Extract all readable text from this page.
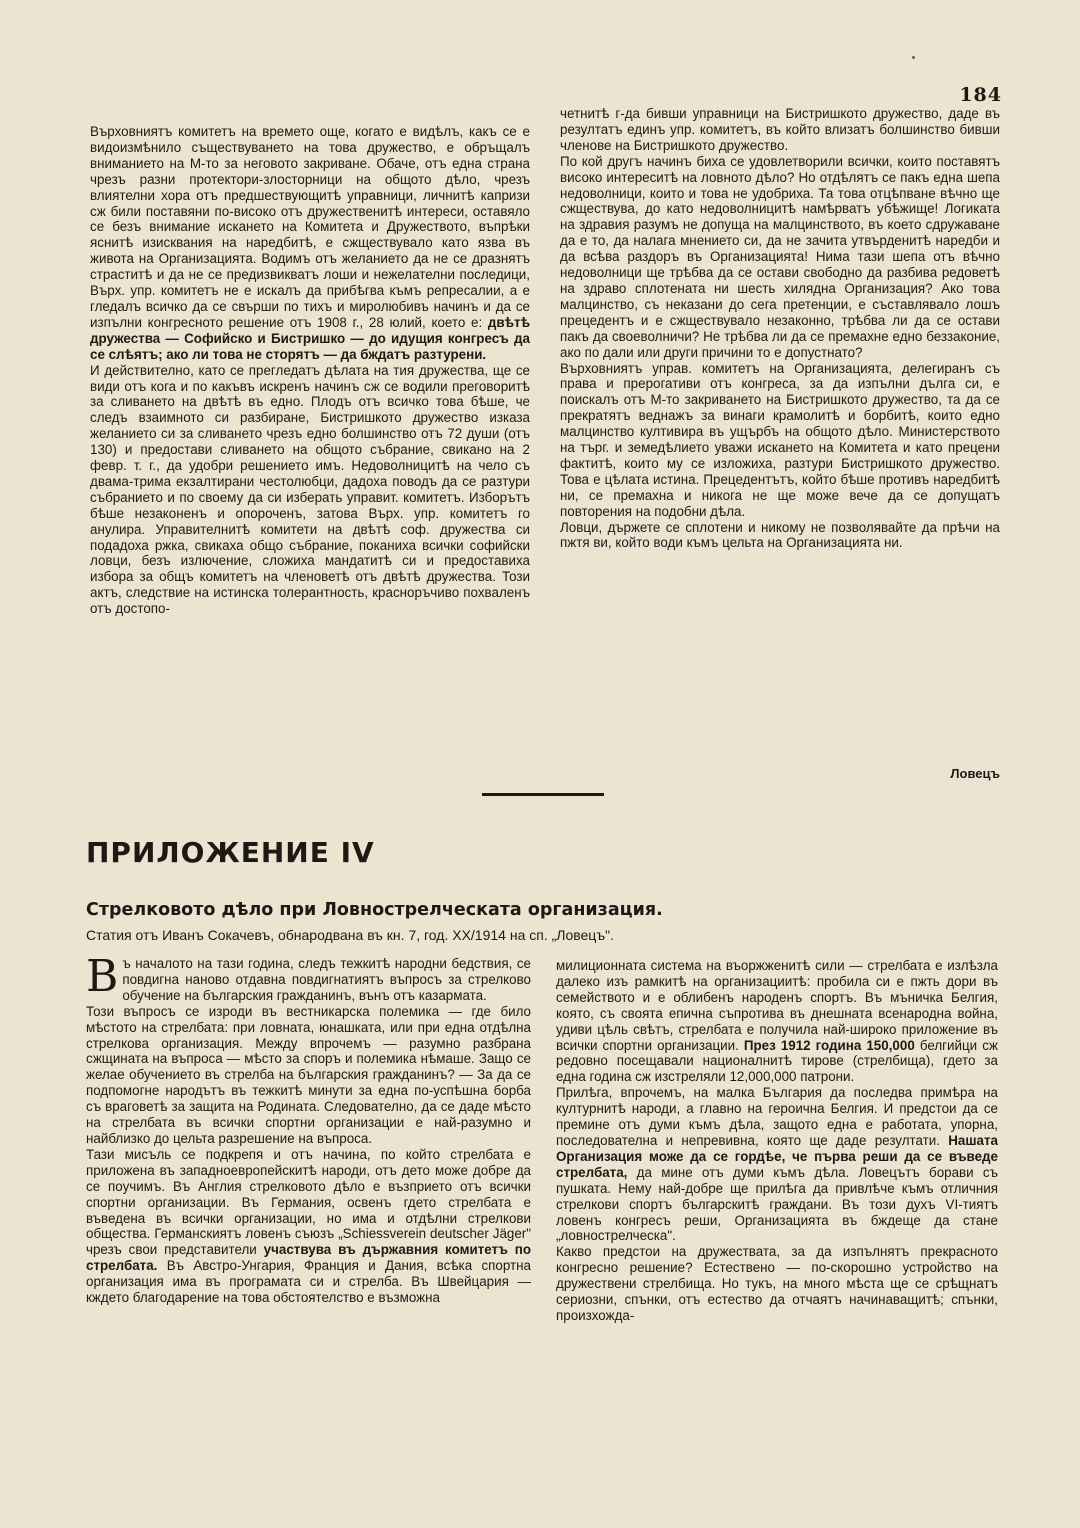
184

Върховниятъ комитетъ на времето още, когато е видѣлъ, какъ се е видоизмѣнило съществуването на това дружество, е обръщалъ вниманието на М-то за неговото закриване. Обаче, отъ една страна чрезъ разни протектори-злосторници на общото дѣло, чрезъ влиятелни хора отъ предшествующитѣ управници, личнитѣ капризи сж били поставяни по-високо отъ дружественитѣ интереси, оставяло се безъ внимание искането на Комитета и Дружеството, въпрѣки яснитѣ изисквания на наредбитѣ, е сжществувало като язва въ живота на Организацията. Водимъ отъ желанието да не се дразнятъ страститѣ и да не се предизвикватъ лоши и нежелателни последици, Върх. упр. комитетъ не е искалъ да прибѣгва къмъ репресалии, а е гледалъ всичко да се свърши по тихъ и миролюбивъ начинъ и да се изпълни конгресното решение отъ 1908 г., 28 юлий, което е: двѣтѣ дружества — Софийско и Бистришко — до идущия конгресъ да се слѣятъ; ако ли това не сторятъ — да бждатъ разтурени.

И действително, като се прегледатъ дѣлата на тия дружества, ще се види отъ кога и по какъвъ искренъ начинъ сж се водили преговоритѣ за сливането на двѣтѣ въ едно. Плодъ отъ всичко това бѣше, че следъ взаимното си разбиране, Бистришкото дружество изказа желанието си за сливането чрезъ едно болшинство отъ 72 души (отъ 130) и предостави сливането на общото събрание, свикано на 2 февр. т. г., да удобри решението имъ. Недоволницитѣ на чело съ двама-трима екзалтирани честолюбци, дадоха поводъ да се разтури събранието и по своему да си изберать управит. комитетъ. Изборътъ бѣше незаконенъ и опороченъ, затова Върх. упр. комитетъ го анулира. Управителнитѣ комитети на двѣтѣ соф. дружества си подадоха ржка, свикаха общо събрание, поканиха всички софийски ловци, безъ излючение, сложиха мандатитѣ си и предоставиха избора за общъ комитетъ на членоветѣ отъ двѣтѣ дружества. Този актъ, следствие на истинска толерантность, красноръчиво похваленъ отъ достопо-

четнитѣ г-да бивши управници на Бистришкото дружество, даде въ резултатъ единъ упр. комитетъ, въ който влизатъ болшинство бивши членове на Бистришкото дружество.

По кой другъ начинъ биха се удовлетворили всички, които поставятъ високо интереситѣ на ловното дѣло? Но отдѣлятъ се пакъ една шепа недоволници, които и това не удобриха. Та това отцѣпване вѣчно ще сжществува, до като недоволницитѣ намѣрватъ убѣжище! Логиката на здравия разумъ не допуща на малцинството, въ което сдружаване да е то, да налага мнението си, да не зачита утвърденитѣ наредби и да всѣва раздоръ въ Организацията! Нима тази шепа отъ вѣчно недоволници ще трѣбва да се остави свободно да разбива редоветѣ на здраво сплотената ни шесть хилядна Организация? Ако това малцинство, съ неказани до сега претенции, е съставлявало лошъ прецедентъ и е сжществувало незаконно, трѣбва ли да се остави пакъ да своеволничи? Не трѣбва ли да се премахне едно беззаконие, ако по дали или други причини то е допустнато?

Върховниятъ управ. комитетъ на Организацията, делегиранъ съ права и прерогативи отъ конгреса, за да изпълни дълга си, е поискалъ отъ М-то закриването на Бистришкото дружество, та да се прекратятъ веднажъ за винаги крамолитѣ и борбитѣ, които едно малцинство култивира въ ущърбъ на общото дѣло. Министерството на търг. и земедѣлието уважи искането на Комитета и като прецени фактитѣ, които му се изложиха, разтури Бистришкото дружество. Това е цѣлата истина. Прецедентътъ, който бѣше противъ наредбитѣ ни, се премахна и никога не ще може вече да се допущатъ повторения на подобни дѣла.

Ловци, държете се сплотени и никому не позволявайте да прѣчи на пжтя ви, който води къмъ цельта на Организацията ни.

Ловецъ
ПРИЛОЖЕНИЕ IV
Стрелковото дѣло при Ловнострелческата организация.
Статия отъ Иванъ Сокачевъ, обнародвана въ кн. 7, год. XX/1914 на сп. „Ловецъ".

Въ началото на тази година, следъ тежкитѣ народни бедствия, се повдигна наново отдавна повдигнатиятъ въпросъ за стрелково обучение на българския гражданинъ, вънъ отъ казармата.

Този въпросъ се изроди въ вестникарска полемика — где било мѣстото на стрелбата: при ловната, юнашката, или при една отдѣлна стрелкова организация. Между впрочемъ — разумно разбрана сжщината на въпроса — мѣсто за споръ и полемика нѣмаше. Защо се желае обучението въ стрелба на българския гражданинъ? — За да се подпомогне народътъ въ тежкитѣ минути за една по-успѣшна борба съ враговетѣ за защита на Родината. Следователно, да се даде мѣсто на стрелбата въ всички спортни организации е най-разумно и найблизко до цельта разрешение на въпроса.

Тази мисъль се подкрепя и отъ начина, по който стрелбата е приложена въ западноевропейскитѣ народи, отъ дето може добре да се поучимъ. Въ Англия стрелковото дѣло е възприето отъ всички спортни организации. Въ Германия, освенъ гдето стрелбата е въведена въ всички организации, но има и отдѣлни стрелкови общества. Германскиятъ ловенъ съюзъ „Schiessverein deutscher Jäger" чрезъ свои представители участвува въ държавния комитетъ по стрелбата. Въ Австро-Унгария, Франция и Дания, всѣка спортна организация има въ програмата си и стрелба. Въ Швейцария — кждето благодарение на това обстоятелство е възможна

милиционната система на въоржженитѣ сили — стрелбата е излѣзла далеко изъ рамкитѣ на организациитѣ: пробила си е пжть дори въ семейството и е облибенъ народенъ спортъ. Въ мъничка Белгия, която, съ своята епична съпротива въ днешната всенародна война, удиви цѣль свѣтъ, стрелбата е получила най-широко приложение въ всички спортни организации. През 1912 година 150,000 белгийци сж редовно посещавали националнитѣ тирове (стрелбища), гдето за една година сж изстреляли 12,000,000 патрони.

Прилѣга, впрочемъ, на малка България да последва примѣра на културнитѣ народи, а главно на героична Белгия. И предстои да се премине отъ думи къмъ дѣла, защото една е работата, упорна, последователна и непревивна, която ще даде резултати. Нашата Организация може да се гордѣе, че първа реши да се въведе стрелбата, да мине отъ думи къмъ дѣла. Ловецътъ борави съ пушката. Нему най-добре ще прилѣга да привлѣче къмъ отличния стрелкови спортъ българскитѣ граждани. Въ този духъ VI-тиятъ ловенъ конгресъ реши, Организацията въ бждеще да стане „ловнострелческа".

Какво предстои на дружествата, за да изпълнятъ прекрасното конгресно решение? Естествено — по-скорошно устройство на дружествени стрелбища. Но тукъ, на много мѣста ще се срѣщнатъ сериозни, спънки, отъ естество да отчаятъ начинаващитѣ; спънки, произхожда-
